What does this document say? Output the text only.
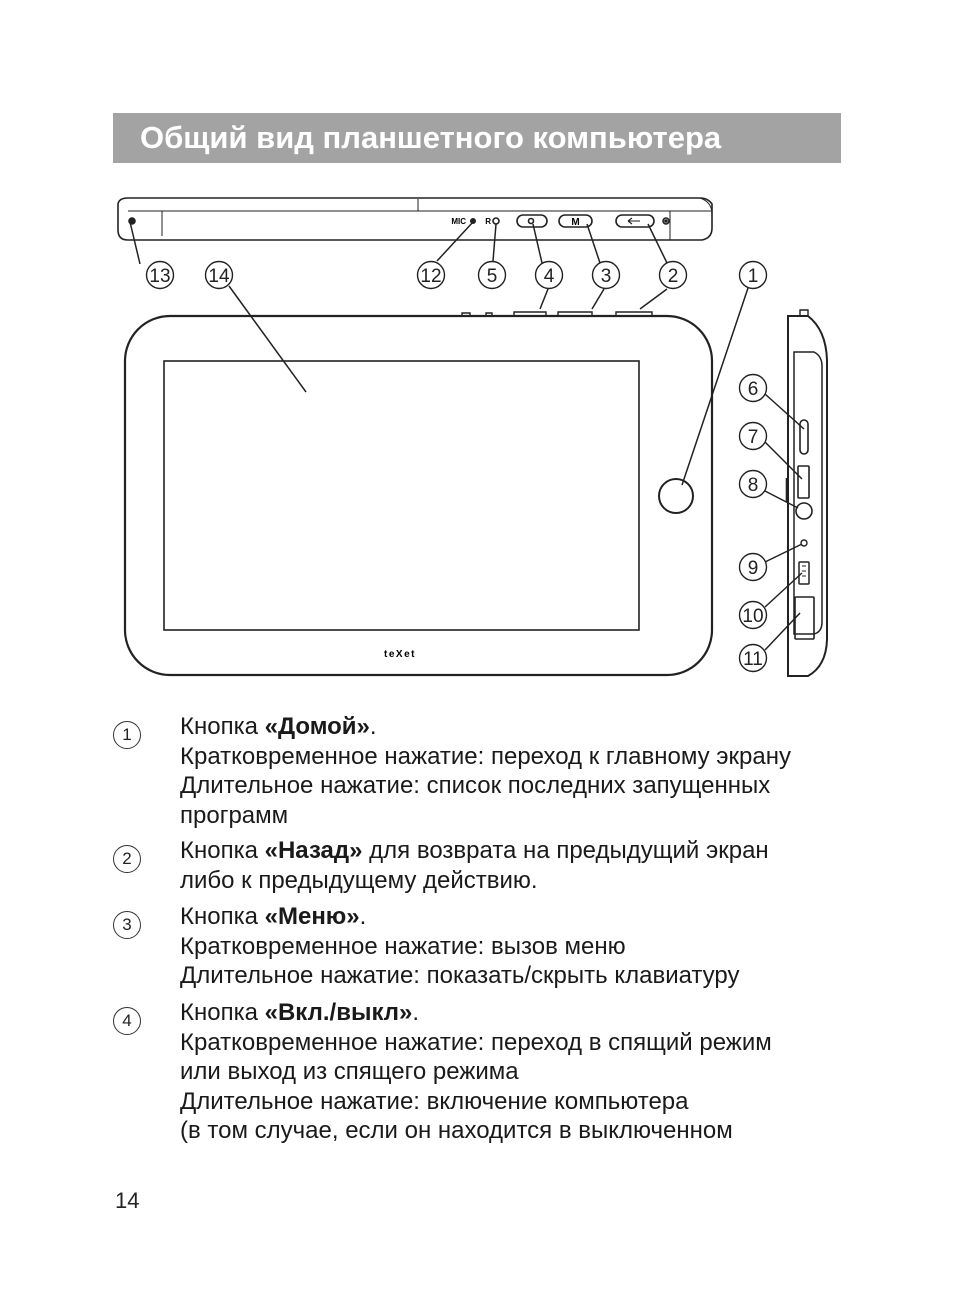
Общий вид планшетного компьютера
MIC R	M
teXet
1
2
3
4
5
6
7
8
9
10
11
12
13 14
1	Кнопка «Домой».
Кратковременное нажатие: переход к главному экрану
Длительное нажатие: список последних запущенных
программ
2	Кнопка «Назад» для возврата на предыдущий экран
либо к предыдущему действию.
3	Кнопка «Меню».
Кратковременное нажатие: вызов меню
Длительное нажатие: показать/скрыть клавиатуру
4	Кнопка «Вкл./выкл».
Кратковременное нажатие: переход в спящий режим
или выход из спящего режима
Длительное нажатие: включение компьютера
(в том случае, если он находится в выключенном
14
